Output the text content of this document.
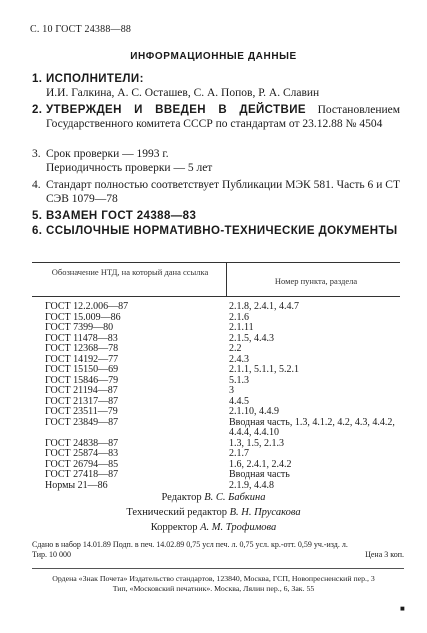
С. 10 ГОСТ 24388—88
ИНФОРМАЦИОННЫЕ ДАННЫЕ
1. ИСПОЛНИТЕЛИ:
И.И. Галкина, А. С. Осташев, С. А. Попов, Р. А. Славин
2. УТВЕРЖДЕН И ВВЕДЕН В ДЕЙСТВИЕ Постановлением Государственного комитета СССР по стандартам от 23.12.88 № 4504
3. Срок проверки — 1993 г.
Периодичность проверки — 5 лет
4. Стандарт полностью соответствует Публикации МЭК 581. Часть 6 и СТ СЭВ 1079—78
5. ВЗАМЕН ГОСТ 24388—83
6. ССЫЛОЧНЫЕ НОРМАТИВНО-ТЕХНИЧЕСКИЕ ДОКУМЕНТЫ
Обозначение НТД, на который дана ссылка
Номер пункта, раздела
ГОСТ 12.2.006—87	2.1.8, 2.4.1, 4.4.7
ГОСТ 15.009—86	2.1.6
ГОСТ 7399—80	2.1.11
ГОСТ 11478—83	2.1.5, 4.4.3
ГОСТ 12368—78	2.2
ГОСТ 14192—77	2.4.3
ГОСТ 15150—69	2.1.1, 5.1.1, 5.2.1
ГОСТ 15846—79	5.1.3
ГОСТ 21194—87	3
ГОСТ 21317—87	4.4.5
ГОСТ 23511—79	2.1.10, 4.4.9
ГОСТ 23849—87	Вводная часть, 1.3, 4.1.2, 4.2, 4.3, 4.4.2, 4.4.4, 4.4.10
ГОСТ 24838—87	1.3, 1.5, 2.1.3
ГОСТ 25874—83	2.1.7
ГОСТ 26794—85	1.6, 2.4.1, 2.4.2
ГОСТ 27418—87	Вводная часть
Нормы 21—86	2.1.9, 4.4.8
Редактор В. С. Бабкина
Технический редактор В. Н. Прусакова
Корректор А. М. Трофимова
Сдано в набор 14.01.89 Подп. в печ. 14.02.89 0,75 усл печ. л. 0,75 усл. кр.-отт. 0,59 уч.-изд. л.
Тир. 10 000	Цена 3 коп.
Ордена «Знак Почета» Издательство стандартов, 123840, Москва, ГСП, Новопресненский пер., 3
Тип, «Московский печатник». Москва, Лялин пер., 6, Зак. 55
■
